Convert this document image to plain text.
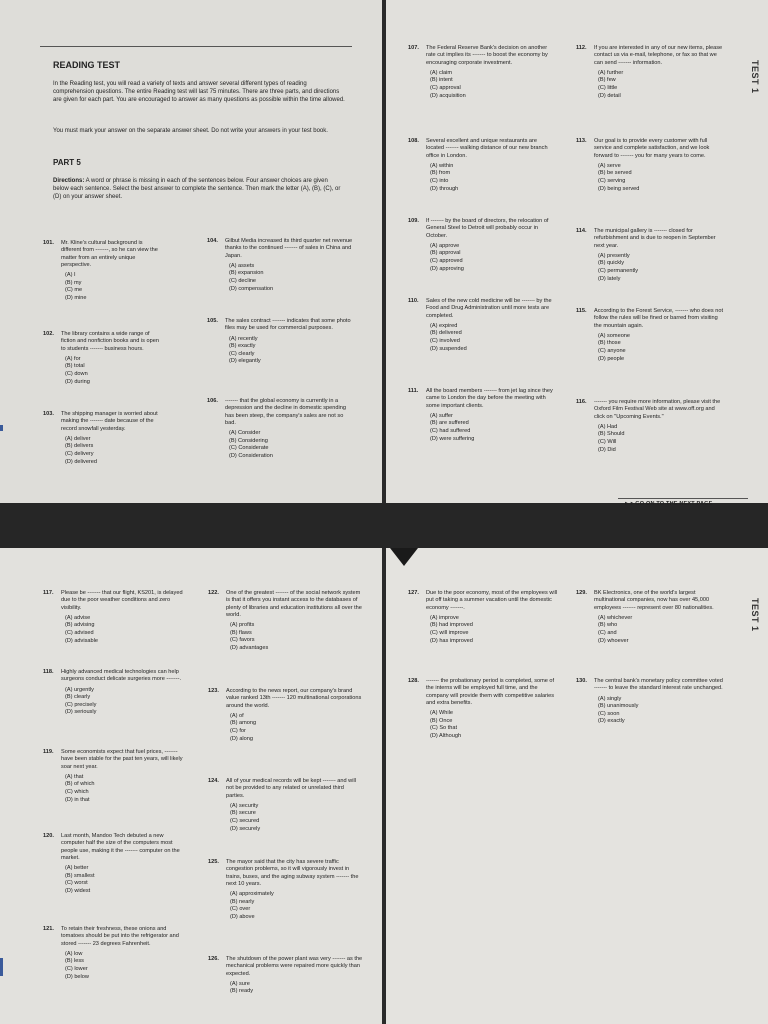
READING TEST
In the Reading test, you will read a variety of texts and answer several different types of reading comprehension questions. The entire Reading test will last 75 minutes. There are three parts, and directions are given for each part. You are encouraged to answer as many questions as possible within the time allowed.
You must mark your answer on the separate answer sheet. Do not write your answers in your test book.
PART 5
Directions: A word or phrase is missing in each of the sentences below. Four answer choices are given below each sentence. Select the best answer to complete the sentence. Then mark the letter (A), (B), (C), or (D) on your answer sheet.
101. Mr. Kline's cultural background is different from -------, so he can view the matter from an entirely unique perspective.
(A) I
(B) my
(C) me
(D) mine
102. The library contains a wide range of fiction and nonfiction books and is open to students ------- business hours.
(A) for
(B) total
(C) down
(D) during
103. The shipping manager is worried about making the ------- date because of the record snowfall yesterday.
(A) deliver
(B) delivers
(C) delivery
(D) delivered
104. Gilbut Media increased its third quarter net revenue thanks to the continued ------- of sales in China and Japan.
(A) assets
(B) expansion
(C) decline
(D) compensation
105. The sales contract ------- indicates that some photo files may be used for commercial purposes.
(A) recently
(B) exactly
(C) clearly
(D) elegantly
106. ------- that the global economy is currently in a depression and the decline in domestic spending has been steep, the company's sales are not so bad.
(A) Consider
(B) Considering
(C) Considerate
(D) Consideration
107. The Federal Reserve Bank's decision on another rate cut implies its ------- to boost the economy by encouraging corporate investment.
(A) claim
(B) intent
(C) approval
(D) acquisition
108. Several excellent and unique restaurants are located ------- walking distance of our new branch office in London.
(A) within
(B) from
(C) into
(D) through
109. If ------- by the board of directors, the relocation of General Steel to Detroit will probably occur in October.
(A) approve
(B) approval
(C) approved
(D) approving
110. Sales of the new cold medicine will be ------- by the Food and Drug Administration until more tests are completed.
(A) expired
(B) delivered
(C) involved
(D) suspended
111. All the board members ------- from jet lag since they came to London the day before the meeting with some important clients.
(A) suffer
(B) are suffered
(C) had suffered
(D) were suffering
112. If you are interested in any of our new items, please contact us via e-mail, telephone, or fax so that we can send ------- information.
(A) further
(B) few
(C) little
(D) detail
113. Our goal is to provide every customer with full service and complete satisfaction, and we look forward to ------- you for many years to come.
(A) serve
(B) be served
(C) serving
(D) being served
114. The municipal gallery is ------- closed for refurbishment and is due to reopen in September next year.
(A) presently
(B) quickly
(C) permanently
(D) lately
115. According to the Forest Service, ------- who does not follow the rules will be fined or barred from visiting the mountain again.
(A) someone
(B) those
(C) anyone
(D) people
116. ------- you require more information, please visit the Oxford Film Festival Web site at www.off.org and click on "Upcoming Events."
(A) Had
(B) Should
(C) Will
(D) Did
TEST 1
►►GO ON TO THE NEXT PAGE
117. Please be ------- that our flight, KS201, is delayed due to the poor weather conditions and zero visibility.
(A) advise
(B) advising
(C) advised
(D) advisable
118. Highly advanced medical technologies can help surgeons conduct delicate surgeries more -------.
(A) urgently
(B) clearly
(C) precisely
(D) seriously
119. Some economists expect that fuel prices, ------- have been stable for the past ten years, will likely soar next year.
(A) that
(B) of which
(C) which
(D) in that
120. Last month, Mandoo Tech debuted a new computer half the size of the computers most people use, making it the ------- computer on the market.
(A) better
(B) smallest
(C) worst
(D) widest
121. To retain their freshness, these onions and tomatoes should be put into the refrigerator and stored ------- 23 degrees Fahrenheit.
(A) low
(B) less
(C) lower
(D) below
122. One of the greatest ------- of the social network system is that it offers you instant access to the databases of plenty of libraries and education institutions all over the world.
(A) profits
(B) flaws
(C) favors
(D) advantages
123. According to the news report, our company's brand value ranked 13th ------- 120 multinational corporations around the world.
(A) of
(B) among
(C) for
(D) along
124. All of your medical records will be kept ------- and will not be provided to any related or unrelated third parties.
(A) security
(B) secure
(C) secured
(D) securely
125. The mayor said that the city has severe traffic congestion problems, so it will vigorously invest in trains, buses, and the aging subway system ------- the next 10 years.
(A) approximately
(B) nearly
(C) over
(D) above
126. The shutdown of the power plant was very ------- as the mechanical problems were repaired more quickly than expected.
(A) sure
(B) ready
127. Due to the poor economy, most of the employees will put off taking a summer vacation until the domestic economy -------.
(A) improve
(B) had improved
(C) will improve
(D) has improved
128. ------- the probationary period is completed, some of the interns will be employed full time, and the company will provide them with competitive salaries and extra benefits.
(A) While
(B) Once
(C) So that
(D) Although
129. BK Electronics, one of the world's largest multinational companies, now has over 45,000 employees ------- represent over 80 nationalities.
(A) whichever
(B) who
(C) and
(D) whoever
130. The central bank's monetary policy committee voted ------- to leave the standard interest rate unchanged.
(A) singly
(B) unanimously
(C) soon
(D) exactly
TEST 1
